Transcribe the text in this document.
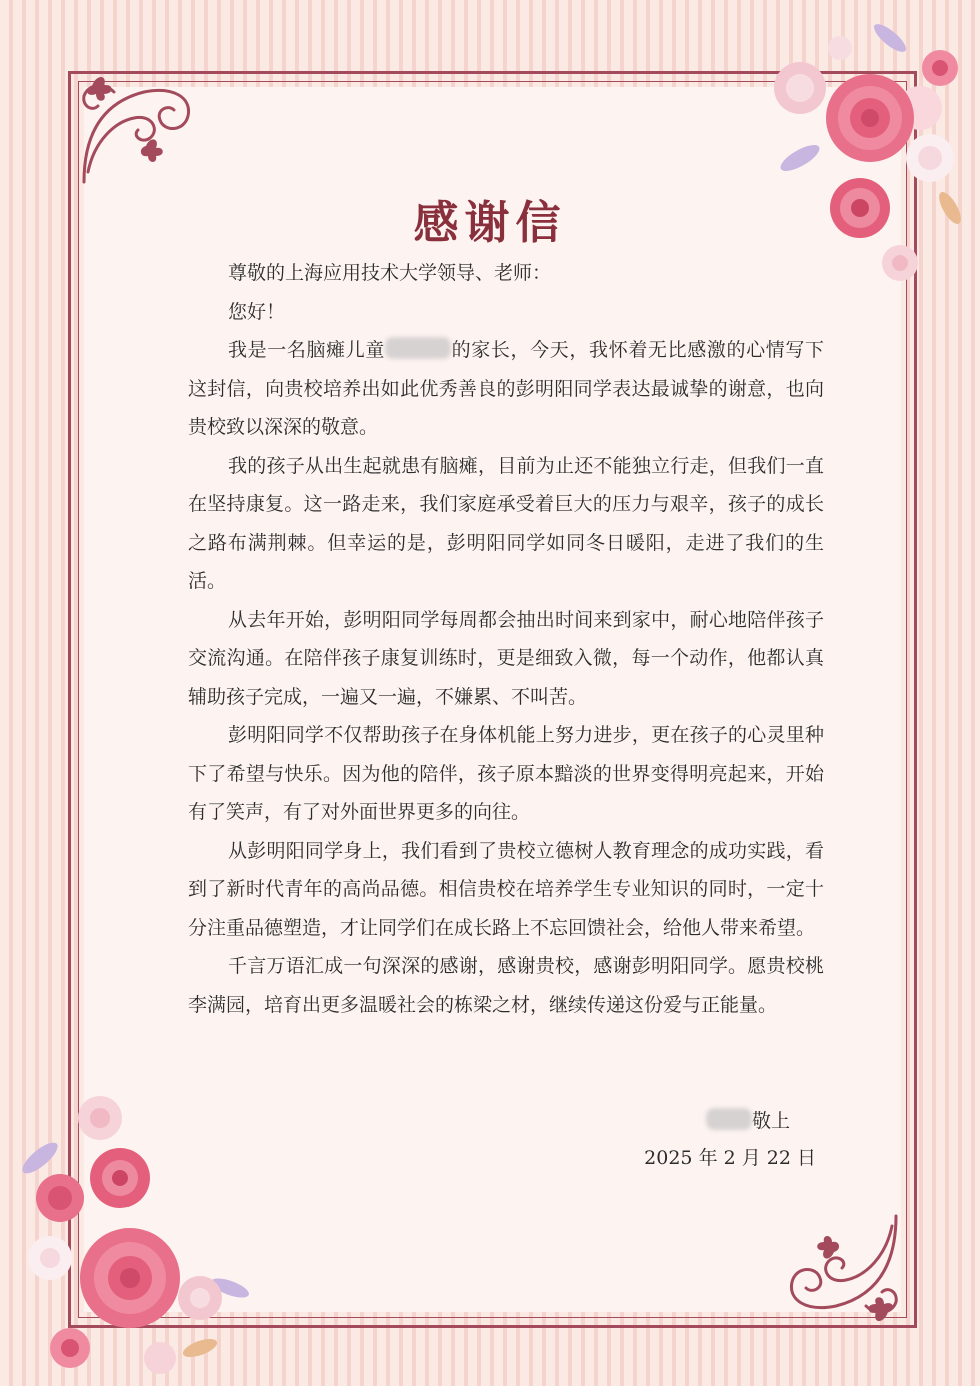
感谢信

尊敬的上海应用技术大学领导、老师：

您好！

我是一名脑瘫儿童	的家长，今天，我怀着无比感激的心情写下这封信，向贵校培养出如此优秀善良的彭明阳同学表达最诚挚的谢意，也向贵校致以深深的敬意。

我的孩子从出生起就患有脑瘫，目前为止还不能独立行走，但我们一直在坚持康复。这一路走来，我们家庭承受着巨大的压力与艰辛，孩子的成长之路布满荆棘。但幸运的是，彭明阳同学如同冬日暖阳，走进了我们的生活。

从去年开始，彭明阳同学每周都会抽出时间来到家中，耐心地陪伴孩子交流沟通。在陪伴孩子康复训练时，更是细致入微，每一个动作，他都认真辅助孩子完成，一遍又一遍，不嫌累、不叫苦。

彭明阳同学不仅帮助孩子在身体机能上努力进步，更在孩子的心灵里种下了希望与快乐。因为他的陪伴，孩子原本黯淡的世界变得明亮起来，开始有了笑声，有了对外面世界更多的向往。

从彭明阳同学身上，我们看到了贵校立德树人教育理念的成功实践，看到了新时代青年的高尚品德。相信贵校在培养学生专业知识的同时，一定十分注重品德塑造，才让同学们在成长路上不忘回馈社会，给他人带来希望。

千言万语汇成一句深深的感谢，感谢贵校，感谢彭明阳同学。愿贵校桃李满园，培育出更多温暖社会的栋梁之材，继续传递这份爱与正能量。

敬上
2025 年 2 月 22 日
